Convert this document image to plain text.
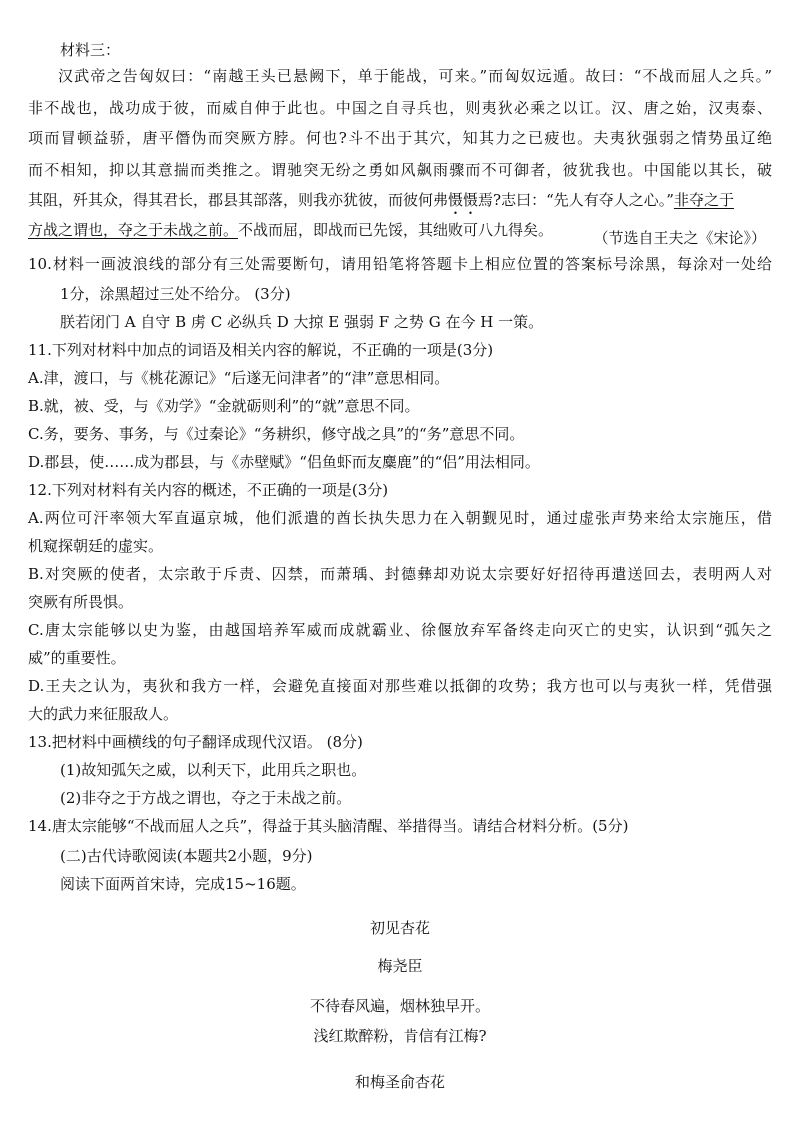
材料三：
汉武帝之告匈奴曰：“南越王头已悬阙下，单于能战，可来。”而匈奴远遁。故曰：“不战而屈人之兵。”
非不战也，战功成于彼，而威自伸于此也。中国之自寻兵也，则夷狄必乘之以讧。汉、唐之始，汉夷泰、
项而冒顿益骄，唐平僭伪而突厥方脖。何也?斗不出于其穴，知其力之已疲也。夫夷狄强弱之情势虽辽绝
而不相知，抑以其意揣而类推之。谓驰突无纷之勇如风飙雨骤而不可御者，彼犹我也。中国能以其长，破
其阻，歼其众，得其君长，郡县其部落，则我亦犹彼，而彼何弗慑慑焉?志曰：“先人有夺人之心。”非夺之于
方战之谓也，夺之于未战之前。不战而屈，即战而已先馁，其绌败可八九得矣。	（节选自王夫之《宋论》）
10.材料一画波浪线的部分有三处需要断句，请用铅笔将答题卡上相应位置的答案标号涂黑，每涂对一处给
1分，涂黑超过三处不给分。 (3分)
朕若闭门 A 自守 B 虏 C 必纵兵 D 大掠 E 强弱 F 之势 G 在今 H 一策。
11.下列对材料中加点的词语及相关内容的解说，不正确的一项是(3分)
A.津，渡口，与《桃花源记》“后遂无问津者”的“津”意思相同。
B.就，被、受，与《劝学》“金就砺则利”的“就”意思不同。
C.务，要务、事务，与《过秦论》“务耕织，修守战之具”的“务”意思不同。
D.郡县，使……成为郡县，与《赤壁赋》“侣鱼虾而友麋鹿”的“侣”用法相同。
12.下列对材料有关内容的概述，不正确的一项是(3分)
A.两位可汗率领大军直逼京城，他们派遣的酋长执失思力在入朝觐见时，通过虚张声势来给太宗施压，借
机窥探朝廷的虚实。
B.对突厥的使者，太宗敢于斥责、囚禁，而萧瑀、封德彝却劝说太宗要好好招待再遣送回去，表明两人对
突厥有所畏惧。
C.唐太宗能够以史为鉴，由越国培养军威而成就霸业、徐偃放弃军备终走向灭亡的史实，认识到“弧矢之
威”的重要性。
D.王夫之认为，夷狄和我方一样，会避免直接面对那些难以抵御的攻势；我方也可以与夷狄一样，凭借强
大的武力来征服敌人。
13.把材料中画横线的句子翻译成现代汉语。 (8分)
(1)故知弧矢之威，以利天下，此用兵之职也。
(2)非夺之于方战之谓也，夺之于未战之前。
14.唐太宗能够“不战而屈人之兵”，得益于其头脑清醒、举措得当。请结合材料分析。(5分)
(二)古代诗歌阅读(本题共2小题，9分)
阅读下面两首宋诗，完成15~16题。
初见杏花
梅尧臣
不待春风遍，烟林独早开。
浅红欺醉粉，肯信有江梅?
和梅圣俞杏花
